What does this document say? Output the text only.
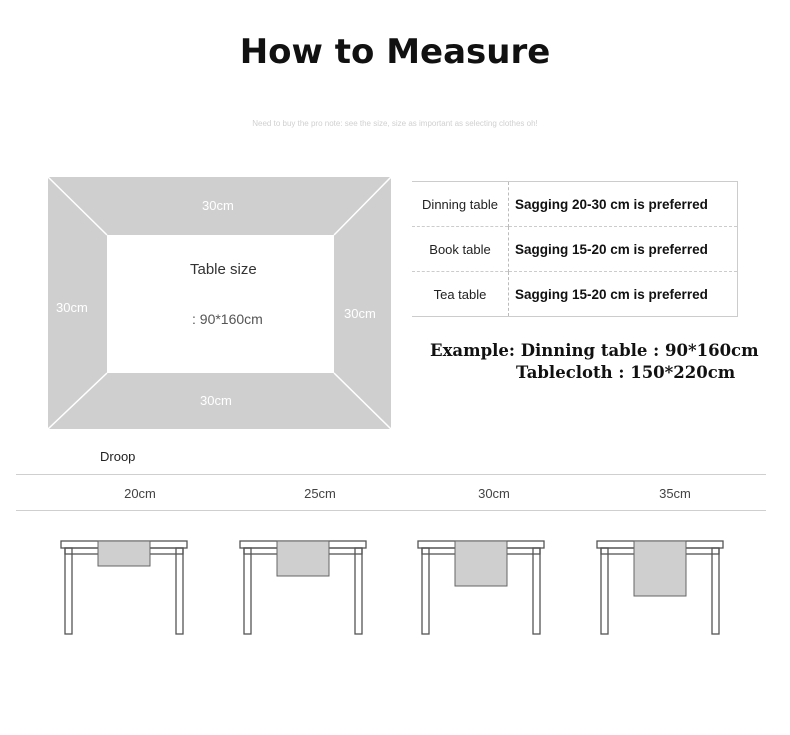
How to Measure
Need to buy the pro note: see the size, size as important as selecting clothes oh!
30cm
30cm	30cm
30cm
Table size
: 90*160cm
Dinning table	Sagging 20-30 cm is preferred
Book table	Sagging 15-20 cm is preferred
Tea table	Sagging 15-20 cm is preferred
Example: Dinning table : 90*160cm
Tablecloth : 150*220cm
Droop
20cm	25cm	30cm	35cm
